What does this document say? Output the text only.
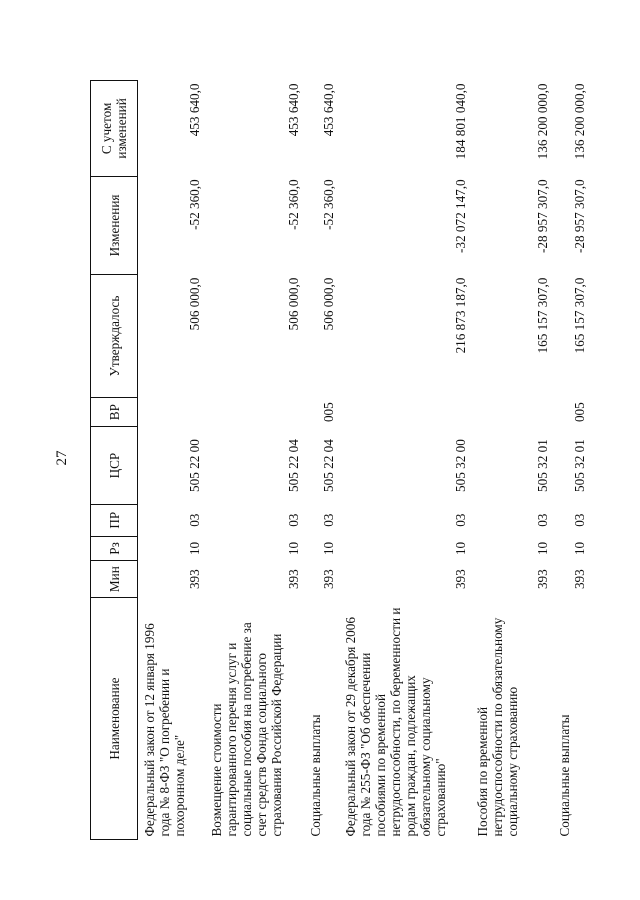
27
Наименование	Мин	Рз	ПР	ЦСР	ВР	Утверждалось	Изменения	С учетом изменений
Федеральный закон от 12 января 1996 года № 8-ФЗ "О погребении и похоронном деле"	393	10	03	505 22 00		506 000,0	-52 360,0	453 640,0
Возмещение стоимости гарантированного перечня услуг и социальные пособия на погребение за счет средств Фонда социального страхования Российской Федерации	393	10	03	505 22 04		506 000,0	-52 360,0	453 640,0
Социальные выплаты	393	10	03	505 22 04	005	506 000,0	-52 360,0	453 640,0
Федеральный закон от 29 декабря 2006 года № 255-ФЗ "Об обеспечении пособиями по временной нетрудоспособности, по беременности и родам граждан, подлежащих обязательному социальному страхованию"	393	10	03	505 32 00		216 873 187,0	-32 072 147,0	184 801 040,0
Пособия по временной нетрудоспособности по обязательному социальному страхованию	393	10	03	505 32 01		165 157 307,0	-28 957 307,0	136 200 000,0
Социальные выплаты	393	10	03	505 32 01	005	165 157 307,0	-28 957 307,0	136 200 000,0
